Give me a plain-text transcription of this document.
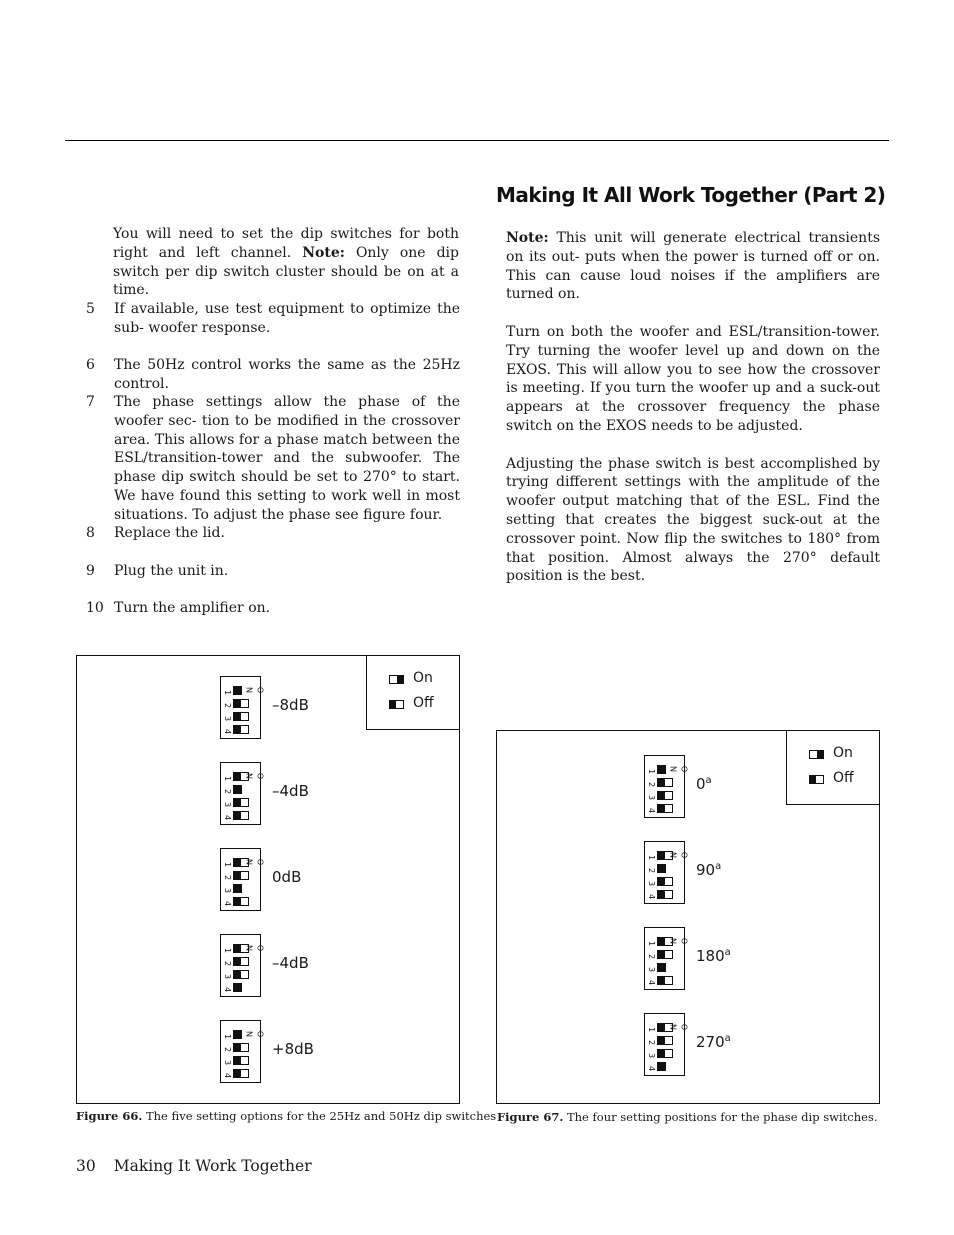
Making It All Work Together (Part 2)

You will need to set the dip switches for both right and left channel. Note: Only one dip switch per dip switch cluster should be on at a time.

5 If available, use test equipment to optimize the sub- woofer response.
6 The 50Hz control works the same as the 25Hz control.
7 The phase settings allow the phase of the woofer sec- tion to be modified in the crossover area. This allows for a phase match between the ESL/transition-tower and the subwoofer. The phase dip switch should be set to 270° to start. We have found this setting to work well in most situations. To adjust the phase see figure four.
8 Replace the lid.
9 Plug the unit in.
10 Turn the amplifier on.

Note: This unit will generate electrical transients on its out- puts when the power is turned off or on. This can cause loud noises if the amplifiers are turned on.

Turn on both the woofer and ESL/transition-tower. Try turning the woofer level up and down on the EXOS. This will allow you to see how the crossover is meeting. If you turn the woofer up and a suck-out appears at the crossover frequency the phase switch on the EXOS needs to be adjusted.

Adjusting the phase switch is best accomplished by trying different settings with the amplitude of the woofer output matching that of the ESL. Find the setting that creates the biggest suck-out at the crossover point. Now flip the switches to 180° from that position. Almost always the 270° default position is the best.

On
Off
1
2
3
4
O N
1
2
3
4
O N
1
2
3
4
O N
1
2
3
4
O N
1
2
3
4
O N
–8dB
–4dB
0dB
–4dB
+8dB
Figure 66. The five setting options for the 25Hz and 50Hz dip switches
On
Off
1
2
3
4
O N
1
2
3
4
O N
1
2
3
4
O N
1
2
3
4
O N
0$^a$
90$^a$
180$^a$
270$^a$
Figure 67. The four setting positions for the phase dip switches.
30 Making It Work Together
